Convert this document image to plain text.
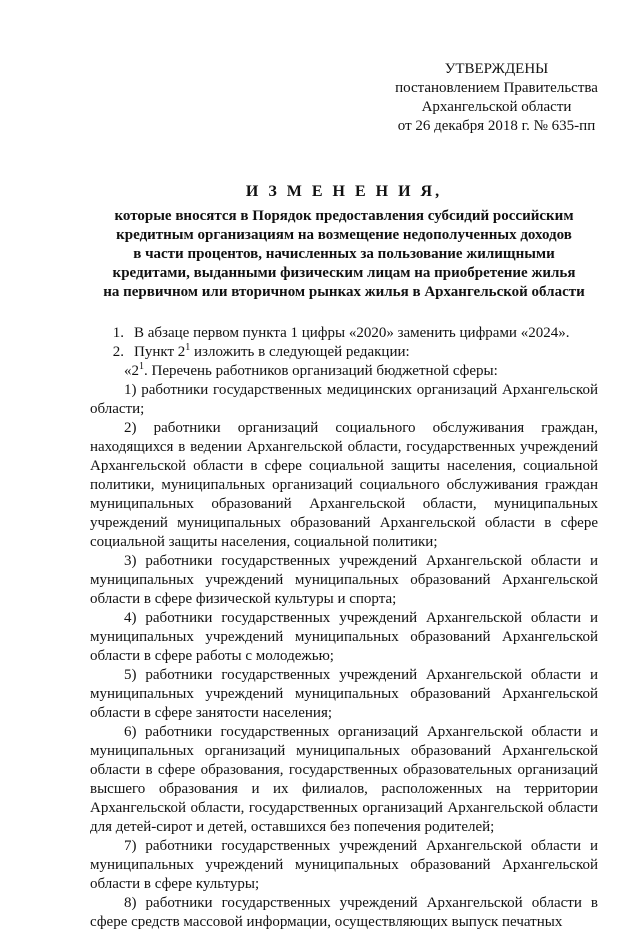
УТВЕРЖДЕНЫ
постановлением Правительства
Архангельской области
от 26 декабря 2018 г. № 635-пп
И З М Е Н Е Н И Я,
которые вносятся в Порядок предоставления субсидий российским
кредитным организациям на возмещение недополученных доходов
в части процентов, начисленных за пользование жилищными
кредитами, выданными физическим лицам на приобретение жилья
на первичном или вторичном рынках жилья в Архангельской области
1. В абзаце первом пункта 1 цифры «2020» заменить цифрами «2024».

2. Пункт $2^1$ изложить в следующей редакции:

«$2^1$. Перечень работников организаций бюджетной сферы:

1) работники государственных медицинских организаций Архангельской области;

2) работники организаций социального обслуживания граждан, находящихся в ведении Архангельской области, государственных учреждений Архангельской области в сфере социальной защиты населения, социальной политики, муниципальных организаций социального обслуживания граждан муниципальных образований Архангельской области, муниципальных учреждений муниципальных образований Архангельской области в сфере социальной защиты населения, социальной политики;

3) работники государственных учреждений Архангельской области и муниципальных учреждений муниципальных образований Архангельской области в сфере физической культуры и спорта;

4) работники государственных учреждений Архангельской области и муниципальных учреждений муниципальных образований Архангельской области в сфере работы с молодежью;

5) работники государственных учреждений Архангельской области и муниципальных учреждений муниципальных образований Архангельской области в сфере занятости населения;

6) работники государственных организаций Архангельской области и муниципальных организаций муниципальных образований Архангельской области в сфере образования, государственных образовательных организаций высшего образования и их филиалов, расположенных на территории Архангельской области, государственных организаций Архангельской области для детей-сирот и детей, оставшихся без попечения родителей;

7) работники государственных учреждений Архангельской области и муниципальных учреждений муниципальных образований Архангельской области в сфере культуры;

8) работники государственных учреждений Архангельской области в сфере средств массовой информации, осуществляющих выпуск печатных
